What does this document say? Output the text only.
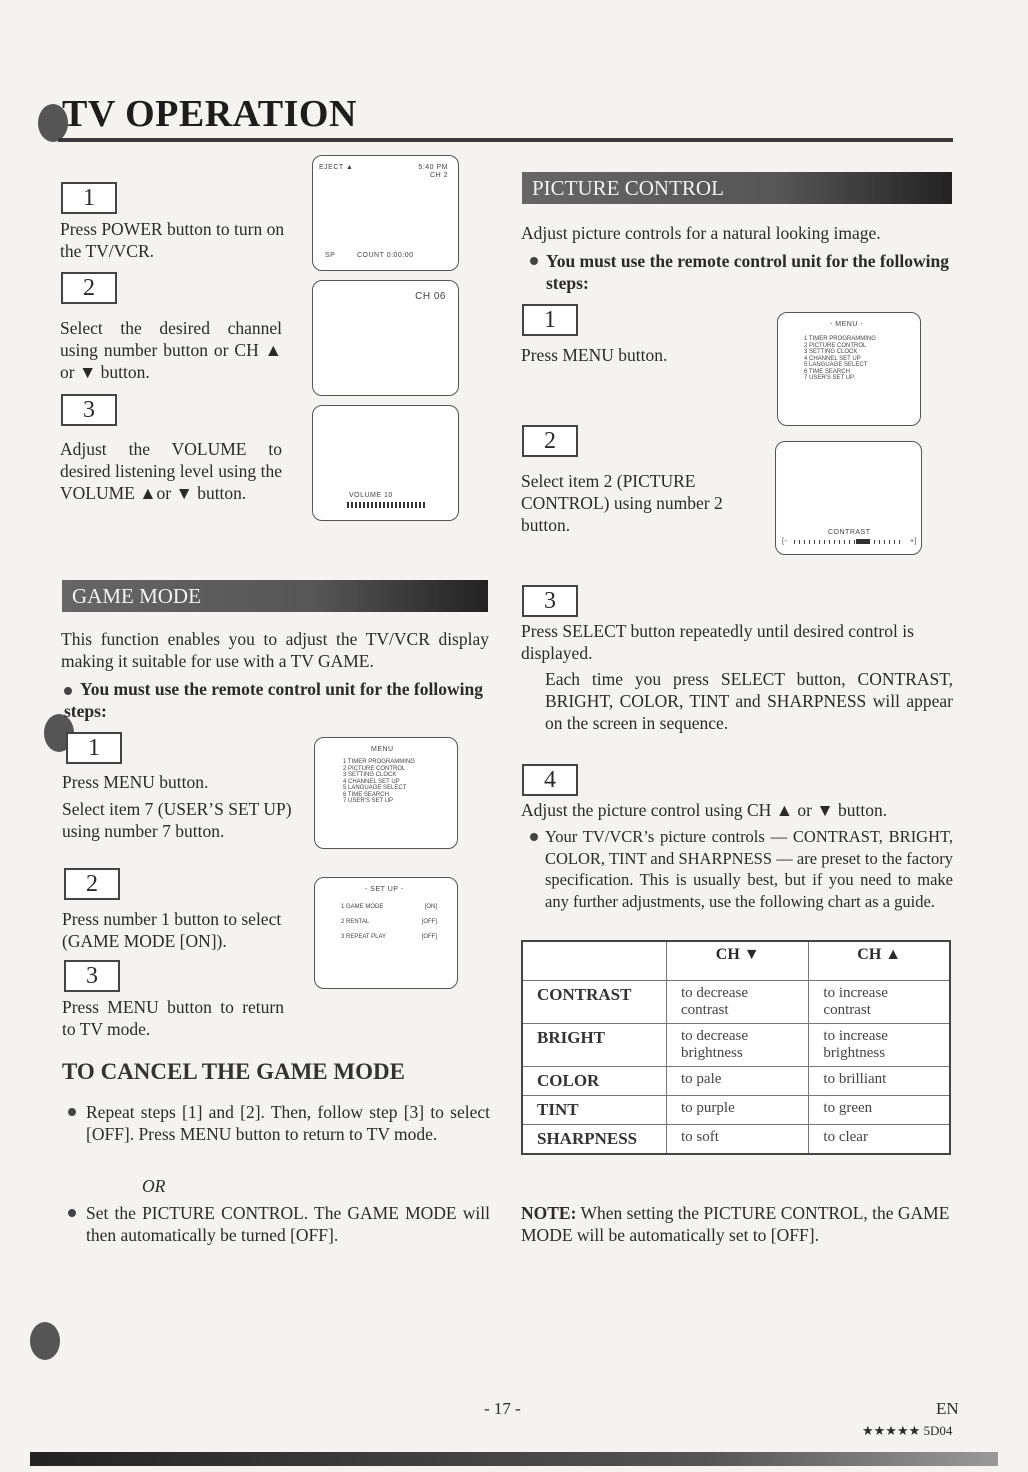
TV OPERATION
1
Press POWER button to turn on the TV/VCR.
2
Select the desired channel using number button or CH ▲ or ▼ button.
3
Adjust the VOLUME to desired listening level using the VOLUME ▲or ▼ button.
EJECT ▲	5:40 PM
CH 2
SP	COUNT 0:00:00
CH 06
VOLUME 10
GAME MODE
This function enables you to adjust the TV/VCR display making it suitable for use with a TV GAME.
You must use the remote control unit for the following steps:
1
Press MENU button.
Select item 7 (USER’S SET UP) using number 7 button.
MENU
1 TIMER PROGRAMMING
2 PICTURE CONTROL
3 SETTING CLOCK
4 CHANNEL SET UP
5 LANGUAGE SELECT
6 TIME SEARCH
7 USER'S SET UP
2
Press number 1 button to select (GAME MODE [ON]).
- SET UP -
1 GAME MODE	[ON]
2 RENTAL	[OFF]
3 REPEAT PLAY	[OFF]
3
Press MENU button to return to TV mode.
TO CANCEL THE GAME MODE
Repeat steps [1] and [2]. Then, follow step [3] to select [OFF]. Press MENU button to return to TV mode.
OR
Set the PICTURE CONTROL. The GAME MODE will then automatically be turned [OFF].
PICTURE CONTROL
Adjust picture controls for a natural looking image.
You must use the remote control unit for the following steps:
1
Press MENU button.
- MENU -
1 TIMER PROGRAMMING
2 PICTURE CONTROL
3 SETTING CLOCK
4 CHANNEL SET UP
5 LANGUAGE SELECT
6 TIME SEARCH
7 USER'S SET UP
2
Select item 2 (PICTURE CONTROL) using number 2 button.	CONTRAST
[-	+]
3
Press SELECT button repeatedly until desired control is displayed.
Each time you press SELECT button, CONTRAST, BRIGHT, COLOR, TINT and SHARPNESS will appear on the screen in sequence.
4
Adjust the picture control using CH ▲ or ▼ button.
Your TV/VCR’s picture controls — CONTRAST, BRIGHT, COLOR, TINT and SHARPNESS — are preset to the factory specification. This is usually best, but if you need to make any further adjustments, use the following chart as a guide.
	CH ▼	CH ▲
CONTRAST	to decrease contrast	to increase contrast
BRIGHT	to decrease brightness	to increase brightness
COLOR	to pale	to brilliant
TINT	to purple	to green
SHARPNESS	to soft	to clear
NOTE: When setting the PICTURE CONTROL, the GAME MODE will be automatically set to [OFF].
- 17 -	EN
★★★★★ 5D04
